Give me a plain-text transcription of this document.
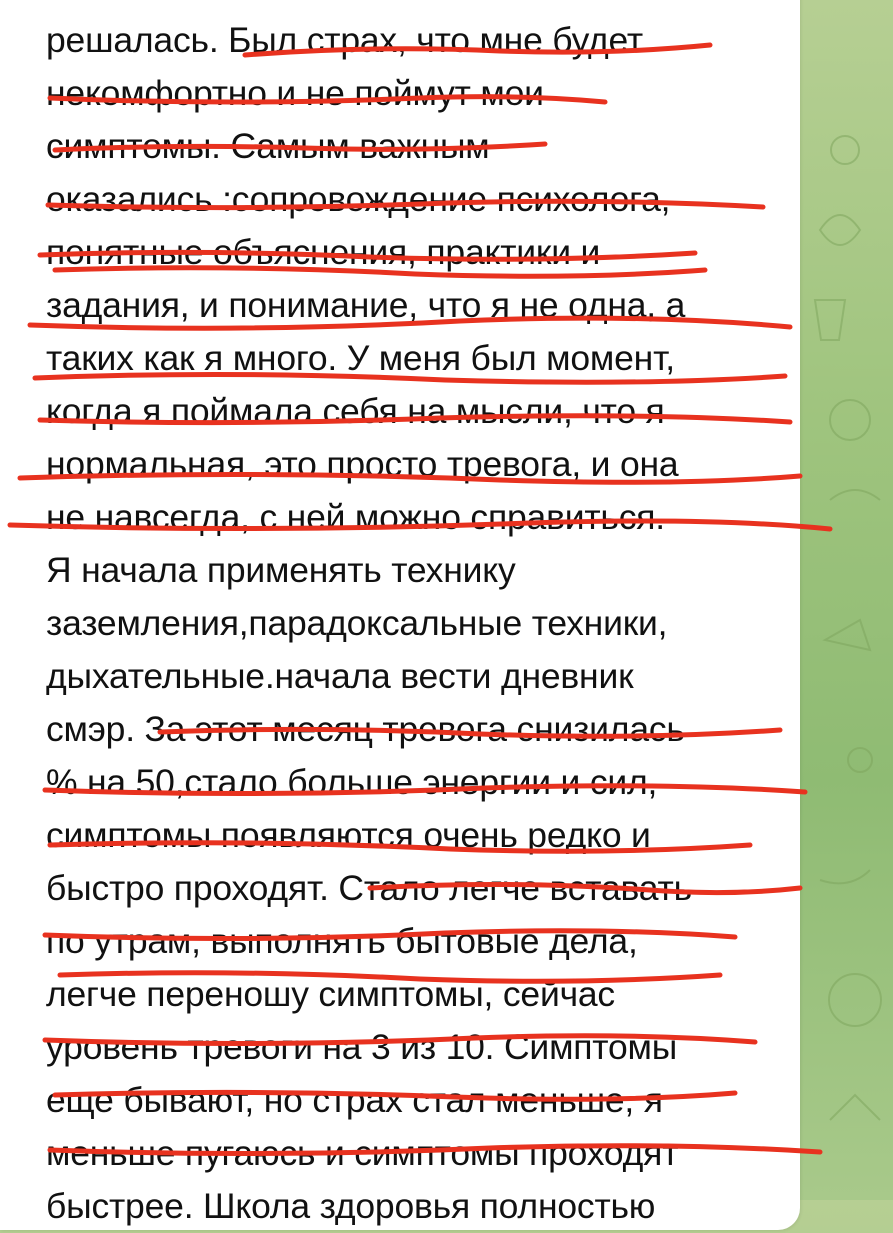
решалась. Был страх, что мне будет
некомфортно и не поймут мои
симптомы. Самым важным
оказались :сопровождение психолога,
понятные объяснения, практики и
задания, и понимание, что я не одна, а
таких как я много. У меня был момент,
когда я поймала себя на мысли, что я
нормальная, это просто тревога, и она
не навсегда, с ней можно справиться.
Я начала применять технику
заземления,парадоксальные техники,
дыхательные.начала вести дневник
смэр. За этот месяц тревога снизилась
% на 50,стало больше энергии и сил,
симптомы появляются очень редко и
быстро проходят. Стало легче вставать
по утрам, выполнять бытовые дела,
легче переношу симптомы, сейчас
уровень тревоги на 3 из 10. Симптомы
еще бывают, но страх стал меньше, я
меньше пугаюсь и симптомы проходят
быстрее. Школа здоровья полностью
